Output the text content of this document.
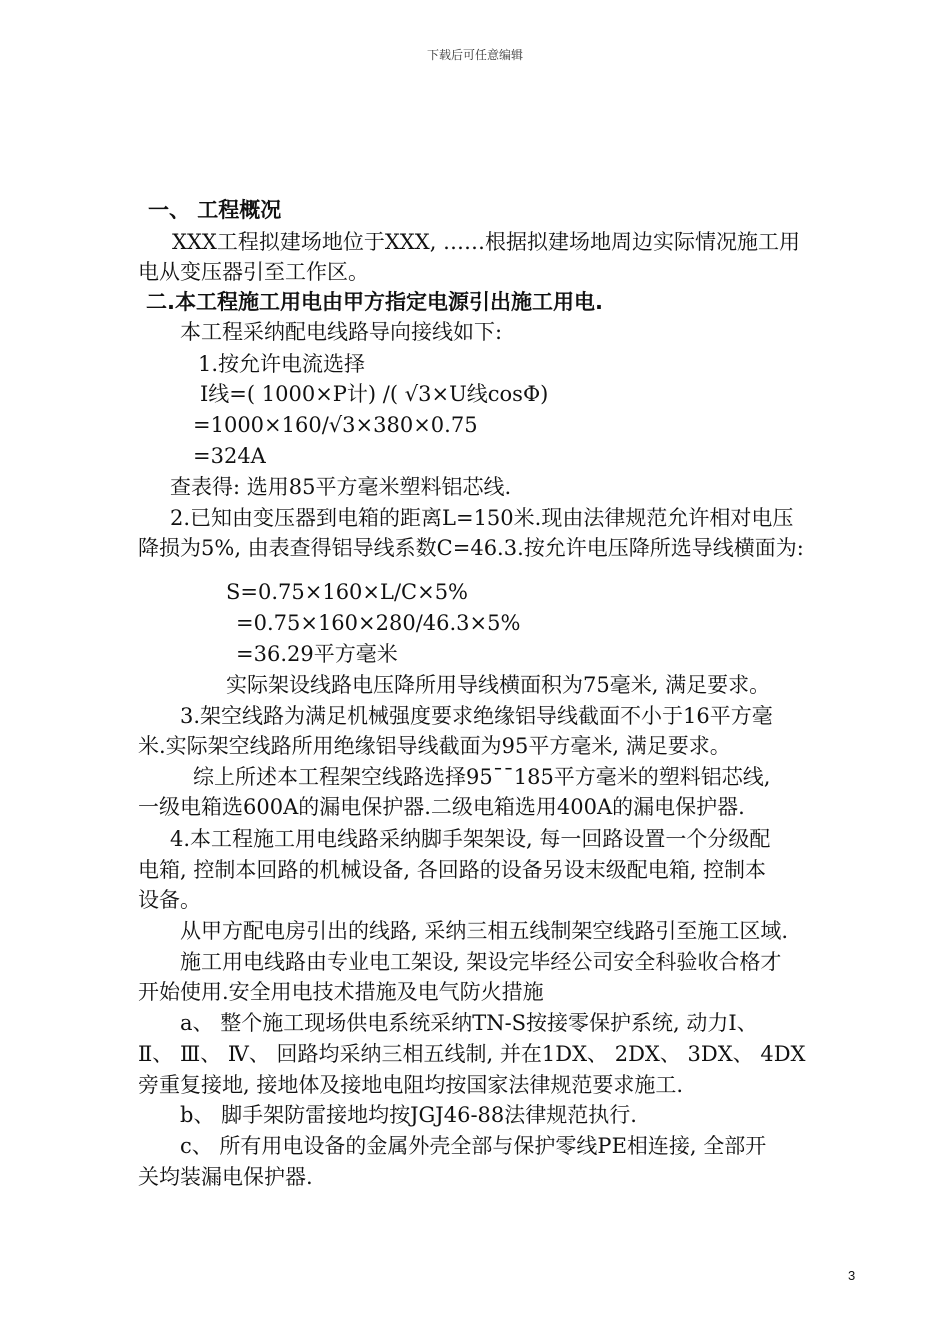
下载后可任意编辑
一、 工程概况
XXX工程拟建场地位于XXX, ……根据拟建场地周边实际情况施工用
电从变压器引至工作区。
二.本工程施工用电由甲方指定电源引出施工用电.
本工程采纳配电线路导向接线如下:
1.按允许电流选择
I线=( 1000×P计) /( √3×U线cosΦ)
=1000×160/√3×380×0.75
=324A
查表得: 选用85平方毫米塑料铝芯线.
2.已知由变压器到电箱的距离L=150米.现由法律规范允许相对电压
降损为5%, 由表查得铝导线系数C=46.3.按允许电压降所选导线横面为:
S=0.75×160×L/C×5%
=0.75×160×280/46.3×5%
=36.29平方毫米
实际架设线路电压降所用导线横面积为75毫米, 满足要求。
3.架空线路为满足机械强度要求绝缘铝导线截面不小于16平方毫
米.实际架空线路所用绝缘铝导线截面为95平方毫米, 满足要求。
综上所述本工程架空线路选择95¯¯185平方毫米的塑料铝芯线,
一级电箱选600A的漏电保护器.二级电箱选用400A的漏电保护器.
4.本工程施工用电线路采纳脚手架架设, 每一回路设置一个分级配
电箱, 控制本回路的机械设备, 各回路的设备另设末级配电箱, 控制本
设备。
从甲方配电房引出的线路, 采纳三相五线制架空线路引至施工区域.
施工用电线路由专业电工架设, 架设完毕经公司安全科验收合格才
开始使用.安全用电技术措施及电气防火措施
a、 整个施工现场供电系统采纳TN-S按接零保护系统, 动力Ⅰ、
Ⅱ、 Ⅲ、 Ⅳ、 回路均采纳三相五线制, 并在1DX、 2DX、 3DX、 4DX
旁重复接地, 接地体及接地电阻均按国家法律规范要求施工.
b、 脚手架防雷接地均按JGJ46-88法律规范执行.
c、 所有用电设备的金属外壳全部与保护零线PE相连接, 全部开
关均装漏电保护器.
3
